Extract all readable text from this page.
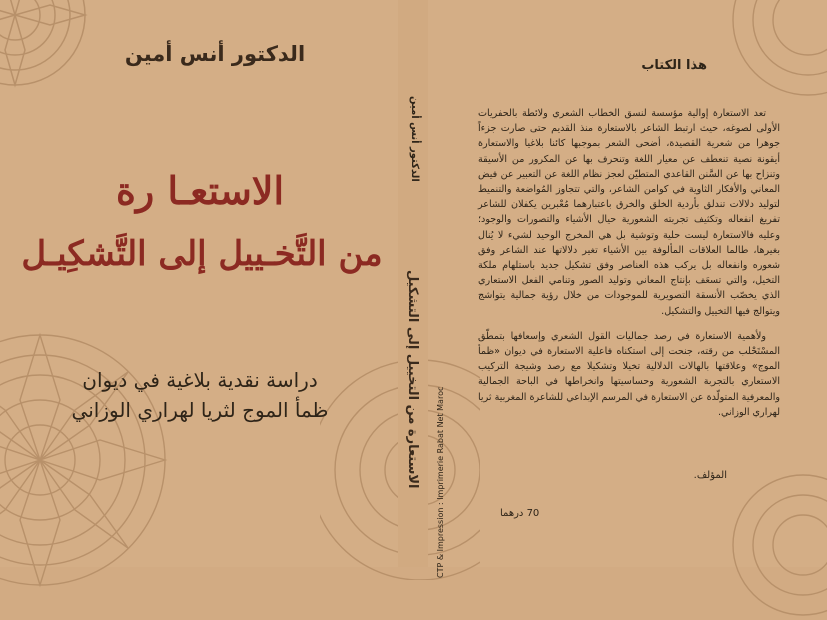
الدكتور أنس أمين
الاستعـا رة
من التَّخـييل إلى التَّشكِيـل
دراسة نقدية بلاغية في ديوان
ظمأ الموج لثريا لهراري الوزاني
الدكتور أنس أمين
الاستعارة من التخييل إلى التشكيل CTP & Impression : Imprimerie Rabat Net Maroc
هذا الكتاب

تعد الاستعارة إوالية مؤسسة لنسق الخطاب الشعري ولائطة بالحفريات الأولى لصوغه، حيث ارتبط الشاعر بالاستعارة منذ القديم حتى صارت جزءاً جوهرا من شعرية القصيدة، أضحى الشعر بموجبها كائنا بلاغيا والاستعارة أيقونة نصية تنعطف عن معيار اللغة وتنحرف بها عن المكرور من الأسيقة وتنزاح بها عن السَّنن القاعدي المتطيّن لعجز نظام اللغة عن التعبير عن فيض المعاني والأفكار الثاوية في كوامن الشاعر، والتي تتجاوز المُواضعة والتنميط لتوليد دلالات تندلق بأردية الخلق والخرق باعتبارهما مُعْبرين يكفلان للشاعر تفريغ انفعاله وتكثيف تجربته الشعورية حيال الأشياء والتصورات والوجود؛ وعليه فالاستعارة ليست حلية وتوشية بل هي المخرج الوحيد لشيء لا يُنال بغيرها، طالما العلاقات المألوفة بين الأشياء تغير دلالاتها عند الشاعر وفق شعوره وانفعاله بل يركب هذه العناصر وفق تشكيل جديد باستلهام ملكة التخيل، والتي تسعَف بإنتاج المعاني وتوليد الصور وتنامي الفعل الاستعاري الذي يخصّب الأنسقة التصويرية للموجودات من خلال رؤية جمالية يتواشج ويتوالج فيها التخييل والتشكيل.

ولأهمية الاستعارة في رصد جماليات القول الشعري وإسعافها بتمطّق المسْتَحْلب من رقته، جنحت إلى استكناه فاعلية الاستعارة في ديوان «ظمأ الموج» وعلاقتها بالهالات الدلالية تخيلا وتشكيلا مع رصد وشيجة التركيب الاستعاري بالتجربة الشعورية وحساسيتها وانخراطها في الباحة الجمالية والمعرفية المتولّدة عن الاستعارة في المرسم الإبداعي للشاعرة المغربية ثريا لهراري الوزاني.

المؤلف.
70 درهما
